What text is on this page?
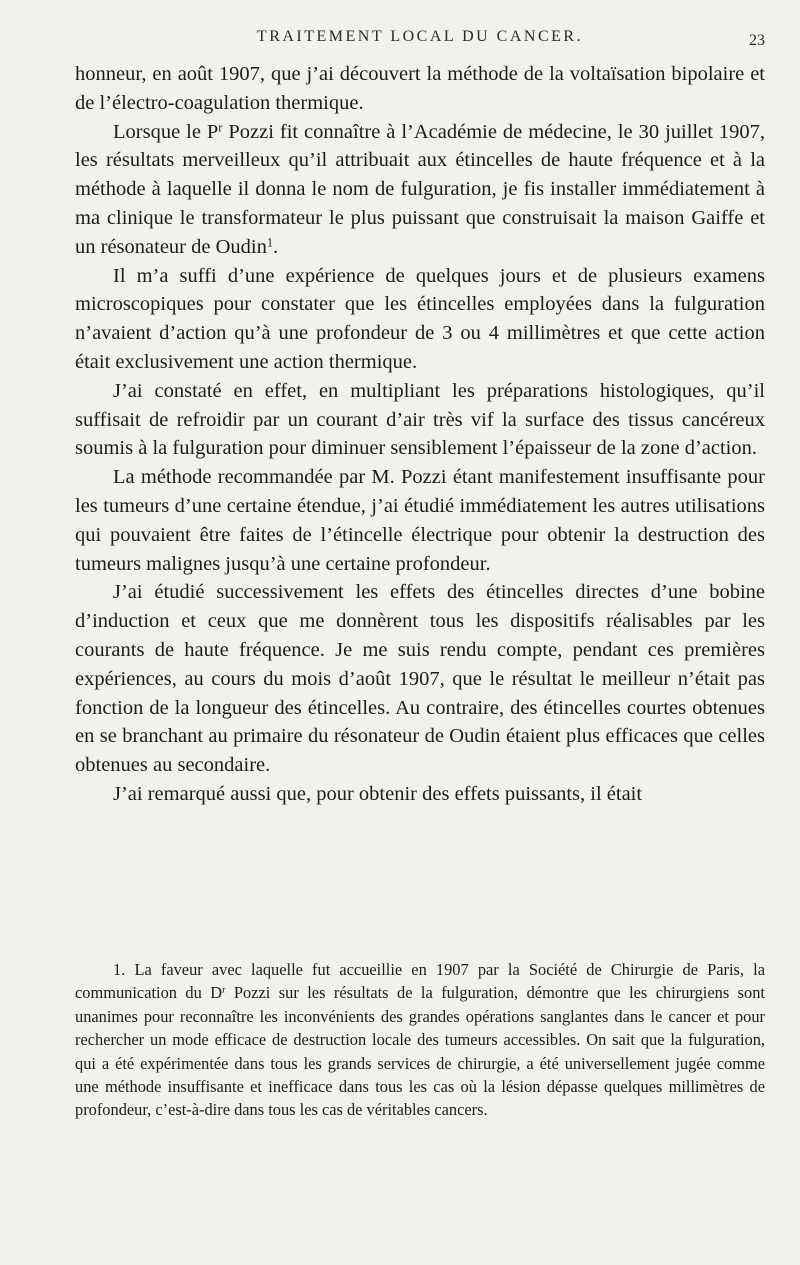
TRAITEMENT LOCAL DU CANCER.	23

honneur, en août 1907, que j’ai découvert la méthode de la voltaïsation bipolaire et de l’électro-coagulation thermique.

Lorsque le $P^r$ Pozzi fit connaître à l’Académie de médecine, le 30 juillet 1907, les résultats merveilleux qu’il attribuait aux étincelles de haute fréquence et à la méthode à laquelle il donna le nom de fulguration, je fis installer immédiatement à ma clinique le transformateur le plus puissant que construisait la maison Gaiffe et un résonateur de Oudin$^1$.

Il m’a suffi d’une expérience de quelques jours et de plusieurs examens microscopiques pour constater que les étincelles employées dans la fulguration n’avaient d’action qu’à une profondeur de 3 ou 4 millimètres et que cette action était exclusivement une action thermique.

J’ai constaté en effet, en multipliant les préparations histologiques, qu’il suffisait de refroidir par un courant d’air très vif la surface des tissus cancéreux soumis à la fulguration pour diminuer sensiblement l’épaisseur de la zone d’action.

La méthode recommandée par M. Pozzi étant manifestement insuffisante pour les tumeurs d’une certaine étendue, j’ai étudié immédiatement les autres utilisations qui pouvaient être faites de l’étincelle électrique pour obtenir la destruction des tumeurs malignes jusqu’à une certaine profondeur.

J’ai étudié successivement les effets des étincelles directes d’une bobine d’induction et ceux que me donnèrent tous les dispositifs réalisables par les courants de haute fréquence. Je me suis rendu compte, pendant ces premières expériences, au cours du mois d’août 1907, que le résultat le meilleur n’était pas fonction de la longueur des étincelles. Au contraire, des étincelles courtes obtenues en se branchant au primaire du résonateur de Oudin étaient plus efficaces que celles obtenues au secondaire.

J’ai remarqué aussi que, pour obtenir des effets puissants, il était

1. La faveur avec laquelle fut accueillie en 1907 par la Société de Chirurgie de Paris, la communication du $D^r$ Pozzi sur les résultats de la fulguration, démontre que les chirurgiens sont unanimes pour reconnaître les inconvénients des grandes opérations sanglantes dans le cancer et pour rechercher un mode efficace de destruction locale des tumeurs accessibles. On sait que la fulguration, qui a été expérimentée dans tous les grands services de chirurgie, a été universellement jugée comme une méthode insuffisante et inefficace dans tous les cas où la lésion dépasse quelques millimètres de profondeur, c’est-à-dire dans tous les cas de véritables cancers.
